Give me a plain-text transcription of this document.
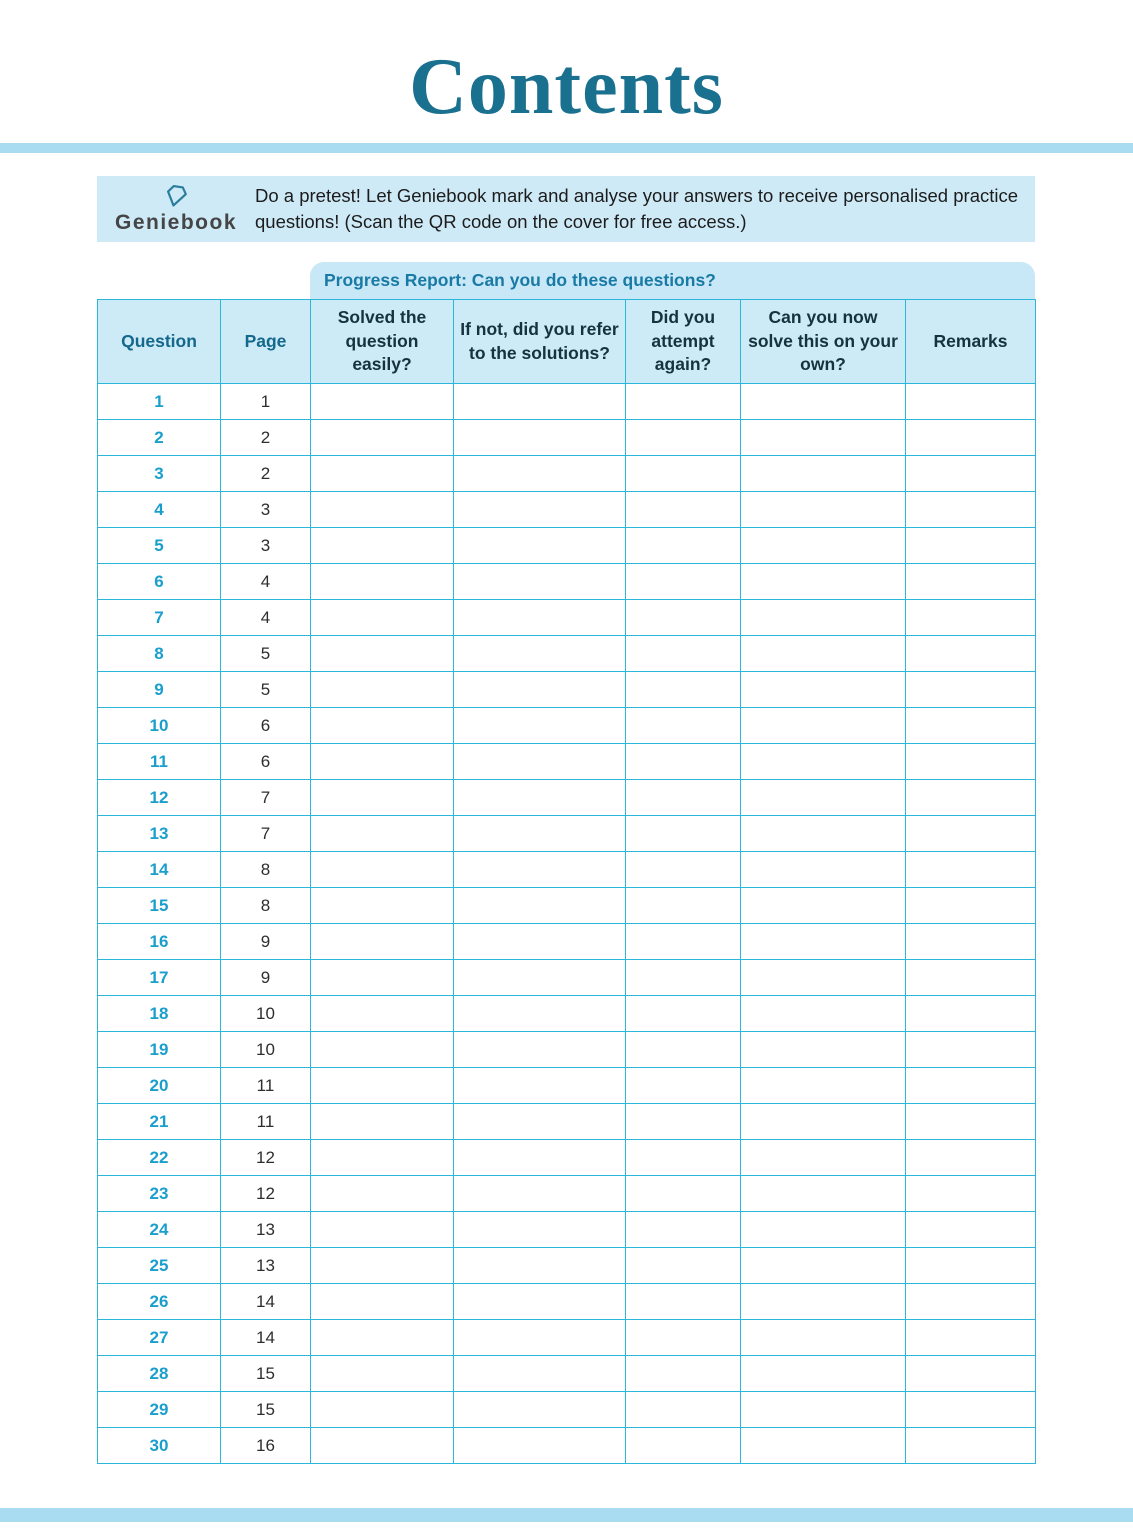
Contents
Geniebook

Do a pretest! Let Geniebook mark and analyse your answers to receive personalised practice questions! (Scan the QR code on the cover for free access.)

Progress Report: Can you do these questions?
Question	Page	Solved the question easily?	If not, did you refer to the solutions?	Did you attempt again?	Can you now solve this on your own?	Remarks
1	1					
2	2					
3	2					
4	3					
5	3					
6	4					
7	4					
8	5					
9	5					
10	6					
11	6					
12	7					
13	7					
14	8					
15	8					
16	9					
17	9					
18	10					
19	10					
20	11					
21	11					
22	12					
23	12					
24	13					
25	13					
26	14					
27	14					
28	15					
29	15					
30	16					
